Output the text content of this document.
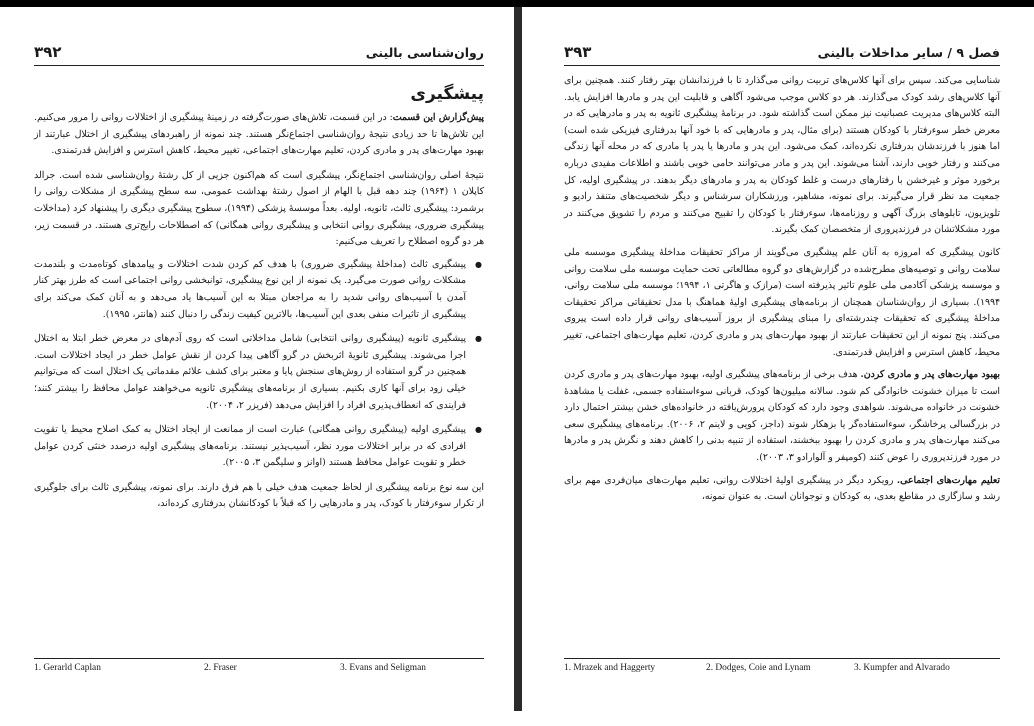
۳۹۲	روان‌شناسی بالینی
پیشگیری

پیش‌گزارش این قسمت: در این قسمت، تلاش‌های صورت‌گرفته در زمینهٔ پیشگیری از اختلالات روانی را مرور می‌کنیم. این تلاش‌ها تا حد زیادی نتیجهٔ روان‌شناسی اجتماع‌نگر هستند. چند نمونه از راهبردهای پیشگیری از اختلال عبارتند از بهبود مهارت‌های پدر و مادری کردن، تعلیم مهارت‌های اجتماعی، تغییر محیط، کاهش استرس و افزایش قدرتمندی.

نتیجهٔ اصلی روان‌شناسی اجتماع‌نگر، پیشگیری است که هم‌اکنون جزیی از کل رشتهٔ روان‌شناسی شده است. جرالد کاپلان ۱ (۱۹۶۴) چند دهه قبل با الهام از اصول رشتهٔ بهداشت عمومی، سه سطح پیشگیری از مشکلات روانی را برشمرد: پیشگیری ثالث، ثانویه، اولیه. بعداً موسسهٔ پزشکی (۱۹۹۴)، سطوح پیشگیری دیگری را پیشنهاد کرد (مداخلات پیشگیری ضروری، پیشگیری روانی انتخابی و پیشگیری روانی همگانی) که اصطلاحات رایج‌تری هستند. در قسمت زیر، هر دو گروه اصطلاح را تعریف می‌کنیم:

● پیشگیری ثالث (مداخلهٔ پیشگیری ضروری) با هدف کم کردن شدت اختلالات و پیامدهای کوتاه‌مدت و بلندمدت مشکلات روانی صورت می‌گیرد. یک نمونه از این نوع پیشگیری، توانبخشی روانی اجتماعی است که طرز بهتر کنار آمدن با آسیب‌های روانی شدید را به مراجعان مبتلا به این آسیب‌ها یاد می‌دهد و به آنان کمک می‌کند برای پیشگیری از تاثیرات منفی بعدی این آسیب‌ها، بالاترین کیفیت زندگی را دنبال کنند (هانتر، ۱۹۹۵).
● پیشگیری ثانویه (پیشگیری روانی انتخابی) شامل مداخلاتی است که روی آدم‌های در معرض خطر ابتلا به اختلال اجرا می‌شوند. پیشگیری ثانویهٔ اثربخش در گرو آگاهی پیدا کردن از نقش عوامل خطر در ایجاد اختلالات است. همچنین در گرو استفاده از روش‌های سنجش پایا و معتبر برای کشف علائم مقدماتی یک اختلال است که می‌توانیم خیلی زود برای آنها کاری بکنیم. بسیاری از برنامه‌های پیشگیری ثانویه می‌خواهند عوامل محافظ را بیشتر کنند؛ فرایندی که انعطاف‌پذیری افراد را افزایش می‌دهد (فریزر ۲، ۲۰۰۴).
● پیشگیری اولیه (پیشگیری روانی همگانی) عبارت است از ممانعت از ایجاد اختلال به کمک اصلاح محیط یا تقویت افرادی که در برابر اختلالات مورد نظر، آسیب‌پذیر نیستند. برنامه‌های پیشگیری اولیه درصدد خنثی کردن عوامل خطر و تقویت عوامل محافظ هستند (اوانز و سلیگمن ۳، ۲۰۰۵).

این سه نوع برنامه پیشگیری از لحاظ جمعیت هدف خیلی با هم فرق دارند. برای نمونه، پیشگیری ثالث برای جلوگیری از تکرار سوءرفتار با کودک، پدر و مادرهایی را که قبلاً با کودکانشان بدرفتاری کرده‌اند،

1. Gerarld Caplan	2. Fraser	3. Evans and Seligman
۳۹۳	فصل ۹ / سایر مداخلات بالینی

شناسایی می‌کند. سپس برای آنها کلاس‌های تربیت روانی می‌گذارد تا با فرزندانشان بهتر رفتار کنند. همچنین برای آنها کلاس‌های رشد کودک می‌گذارند. هر دو کلاس موجب می‌شود آگاهی و قابلیت این پدر و مادرها افزایش یابد. البته کلاس‌های مدیریت عصبانیت نیز ممکن است گذاشته شود. در برنامهٔ پیشگیری ثانویه به پدر و مادرهایی که در معرض خطر سوءرفتار با کودکان هستند (برای مثال، پدر و مادرهایی که با خود آنها بدرفتاری فیزیکی شده است) اما هنوز با فرزندشان بدرفتاری نکرده‌اند، کمک می‌شود. این پدر و مادرها یا پدر یا مادری که در محله آنها زندگی می‌کنند و رفتار خوبی دارند، آشنا می‌شوند. این پدر و مادر می‌توانند حامی خوبی باشند و اطلاعات مفیدی درباره برخورد موثر و غیرخشن با رفتارهای درست و غلط کودکان به پدر و مادرهای دیگر بدهند. در پیشگیری اولیه، کل جمعیت مد نظر قرار می‌گیرند. برای نمونه، مشاهیر، ورزشکاران سرشناس و دیگر شخصیت‌های متنفذ رادیو و تلویزیون، تابلوهای بزرگ آگهی و روزنامه‌ها، سوءرفتار با کودکان را تقبیح می‌کنند و مردم را تشویق می‌کنند در مورد مشکلاتشان در فرزندپروری از متخصصان کمک بگیرند.

کانون پیشگیری که امروزه به آنان علم پیشگیری می‌گویند از مراکز تحقیقات مداخلهٔ پیشگیری موسسه ملی سلامت روانی و توصیه‌های مطرح‌شده در گزارش‌های دو گروه مطالعاتی تحت حمایت موسسه ملی سلامت روانی و موسسه پزشکی آکادمی ملی علوم تاثیر پذیرفته است (مرازک و هاگرتی ۱، ۱۹۹۴؛ موسسه ملی سلامت روانی، ۱۹۹۴). بسیاری از روان‌شناسان همچنان از برنامه‌های پیشگیری اولیهٔ هماهنگ با مدل تحقیقاتی مراکز تحقیقات مداخلهٔ پیشگیری که تحقیقات چندرشته‌ای را مبنای پیشگیری از بروز آسیب‌های روانی قرار داده است پیروی می‌کنند. پنج نمونه از این تحقیقات عبارتند از بهبود مهارت‌های پدر و مادری کردن، تعلیم مهارت‌های اجتماعی، تغییر محیط، کاهش استرس و افزایش قدرتمندی.

بهبود مهارت‌های پدر و مادری کردن. هدف برخی از برنامه‌های پیشگیری اولیه، بهبود مهارت‌های پدر و مادری کردن است تا میزان خشونت خانوادگی کم شود. سالانه میلیون‌ها کودک، قربانی سوءاستفاده جسمی، غفلت یا مشاهدهٔ خشونت در خانواده می‌شوند. شواهدی وجود دارد که کودکان پرورش‌یافته در خانواده‌های خشن بیشتر احتمال دارد در بزرگسالی پرخاشگر، سوءاستفاده‌گر یا بزهکار شوند (داجز، کویی و لاینم ۲، ۲۰۰۶). برنامه‌های پیشگیری سعی می‌کنند مهارت‌های پدر و مادری کردن را بهبود ببخشند، استفاده از تنبیه بدنی را کاهش دهند و نگرش پدر و مادرها در مورد فرزندپروری را عوض کنند (کومپفر و آلوارادو ۳، ۲۰۰۳).

تعلیم مهارت‌های اجتماعی. رویکرد دیگر در پیشگیری اولیهٔ اختلالات روانی، تعلیم مهارت‌های میان‌فردی مهم برای رشد و سازگاری در مقاطع بعدی، به کودکان و نوجوانان است. به عنوان نمونه،

1. Mrazek and Haggerty	2. Dodges, Coie and Lynam	3. Kumpfer and Alvarado
